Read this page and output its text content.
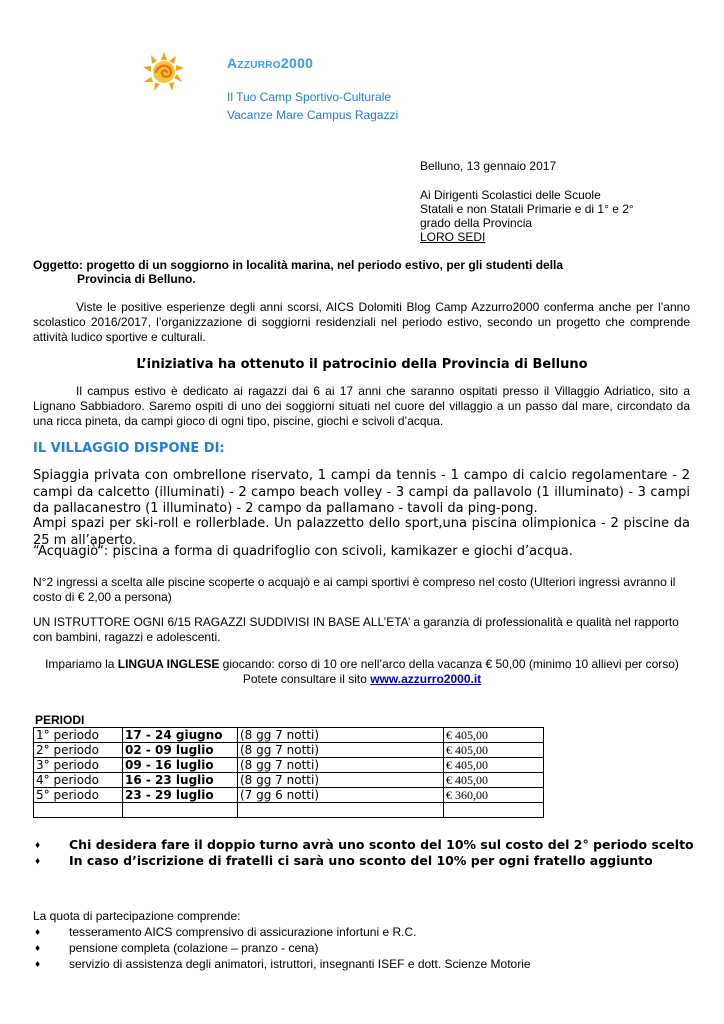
AZZURRO2000
Il Tuo Camp Sportivo-Culturale
Vacanze Mare Campus Ragazzi
Belluno, 13 gennaio 2017
Ai Dirigenti Scolastici delle Scuole
Statali e non Statali Primarie e di 1° e 2°
grado della Provincia
LORO SEDI
Oggetto: progetto di un soggiorno in località marina, nel periodo estivo, per gli studenti della
Provincia di Belluno.
Viste le positive esperienze degli anni scorsi, AICS Dolomiti Blog Camp Azzurro2000 conferma anche per l’anno scolastico 2016/2017, l’organizzazione di soggiorni residenziali nel periodo estivo, secondo un progetto che comprende attività ludico sportive e culturali.
L’iniziativa ha ottenuto il patrocinio della Provincia di Belluno
Il campus estivo è dedicato ai ragazzi dai 6 ai 17 anni che saranno ospitati presso il Villaggio Adriatico, sito a Lignano Sabbiadoro. Saremo ospiti di uno dei soggiorni situati nel cuore del villaggio a un passo dal mare, circondato da una ricca pineta, da campi gioco di ogni tipo, piscine, giochi e scivoli d’acqua.
IL VILLAGGIO DISPONE DI:
Spiaggia privata con ombrellone riservato, 1 campi da tennis - 1 campo di calcio regolamentare - 2 campi da calcetto (illuminati) - 2 campo beach volley - 3 campi da pallavolo (1 illuminato) - 3 campi da pallacanestro (1 illuminato) - 2 campo da pallamano - tavoli da ping-pong.
Ampi spazi per ski-roll e rollerblade. Un palazzetto dello sport,una piscina olimpionica - 2 piscine da 25 m all’aperto.
“Acquagiò“: piscina a forma di quadrifoglio con scivoli, kamikazer e giochi d’acqua.
N°2 ingressi a scelta alle piscine scoperte o acquajò e ai campi sportivi è compreso nel costo (Ulteriori ingressi avranno il costo di € 2,00 a persona)
UN ISTRUTTORE OGNI 6/15 RAGAZZI SUDDIVISI IN BASE ALL’ETA’ a garanzia di professionalità e qualità nel rapporto con bambini, ragazzi e adolescenti.
Impariamo la LINGUA INGLESE giocando: corso di 10 ore nell’arco della vacanza € 50,00 (minimo 10 allievi per corso)
Potete consultare il sito www.azzurro2000.it
PERIODI
1° periodo	17 - 24 giugno	(8 gg 7 notti)	€ 405,00
2° periodo	02 - 09 luglio	(8 gg 7 notti)	€ 405,00
3° periodo	09 - 16 luglio	(8 gg 7 notti)	€ 405,00
4° periodo	16 - 23 luglio	(8 gg 7 notti)	€ 405,00
5° periodo	23 - 29 luglio	(7 gg 6 notti)	€ 360,00

♦ Chi desidera fare il doppio turno avrà uno sconto del 10% sul costo del 2° periodo scelto
♦ In caso d’iscrizione di fratelli ci sarà uno sconto del 10% per ogni fratello aggiunto
La quota di partecipazione comprende:
♦ tesseramento AICS comprensivo di assicurazione infortuni e R.C.
♦ pensione completa (colazione – pranzo - cena)
♦ servizio di assistenza degli animatori, istruttori, insegnanti ISEF e dott. Scienze Motorie
